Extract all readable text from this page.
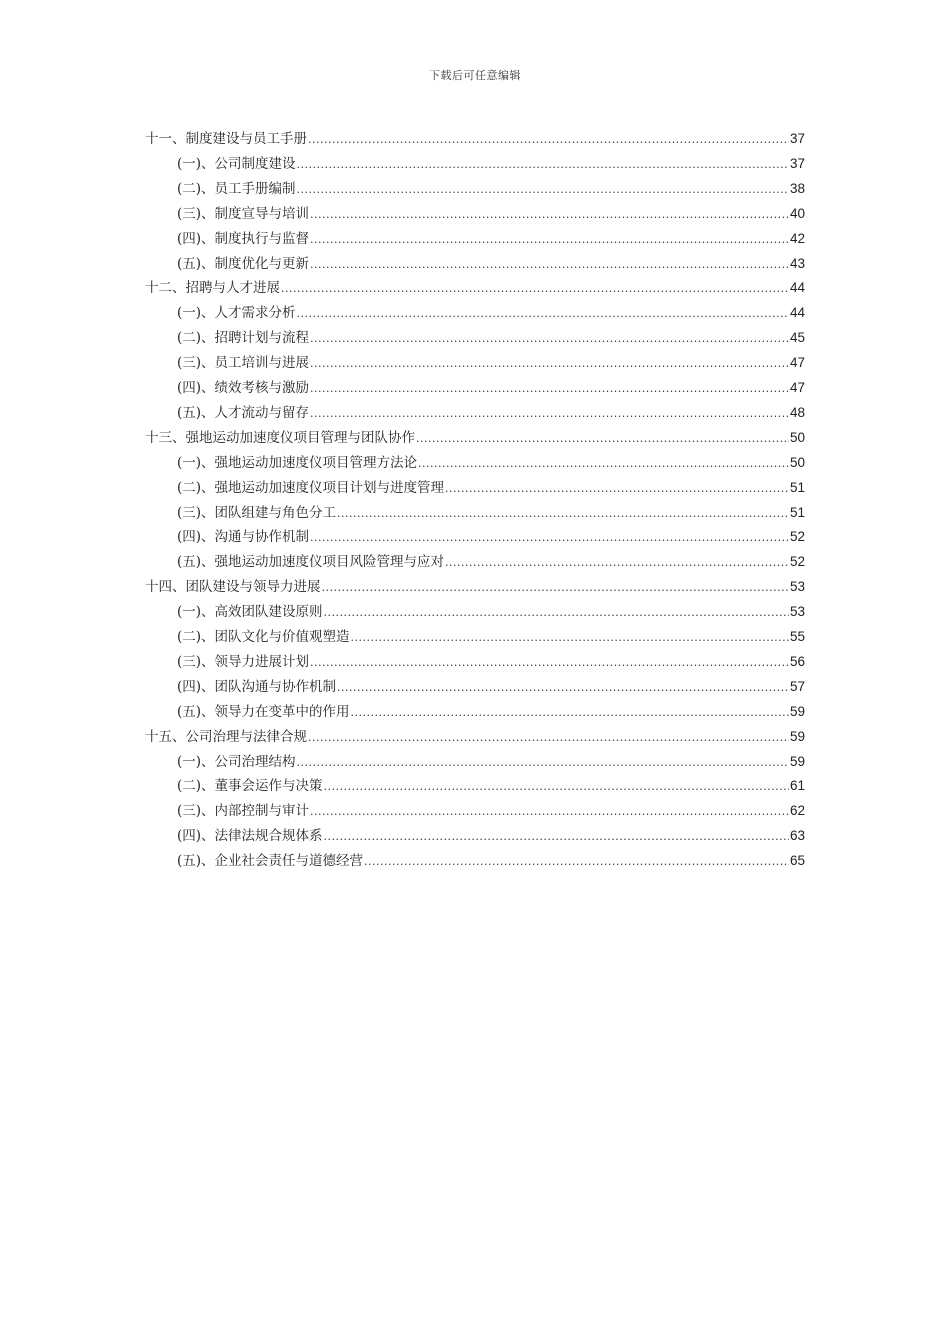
下载后可任意编辑
十一、制度建设与员工手册 .....	37
(一)、公司制度建设 .....	37
(二)、员工手册编制 .....	38
(三)、制度宣导与培训 .....	40
(四)、制度执行与监督 .....	42
(五)、制度优化与更新 .....	43
十二、招聘与人才进展 .....	44
(一)、人才需求分析 .....	44
(二)、招聘计划与流程 .....	45
(三)、员工培训与进展 .....	47
(四)、绩效考核与激励 .....	47
(五)、人才流动与留存 .....	48
十三、强地运动加速度仪项目管理与团队协作 .....	50
(一)、强地运动加速度仪项目管理方法论 .....	50
(二)、强地运动加速度仪项目计划与进度管理 .....	51
(三)、团队组建与角色分工 .....	51
(四)、沟通与协作机制 .....	52
(五)、强地运动加速度仪项目风险管理与应对 .....	52
十四、团队建设与领导力进展 .....	53
(一)、高效团队建设原则 .....	53
(二)、团队文化与价值观塑造 .....	55
(三)、领导力进展计划 .....	56
(四)、团队沟通与协作机制 .....	57
(五)、领导力在变革中的作用 .....	59
十五、公司治理与法律合规 .....	59
(一)、公司治理结构 .....	59
(二)、董事会运作与决策 .....	61
(三)、内部控制与审计 .....	62
(四)、法律法规合规体系 .....	63
(五)、企业社会责任与道德经营 .....	65
